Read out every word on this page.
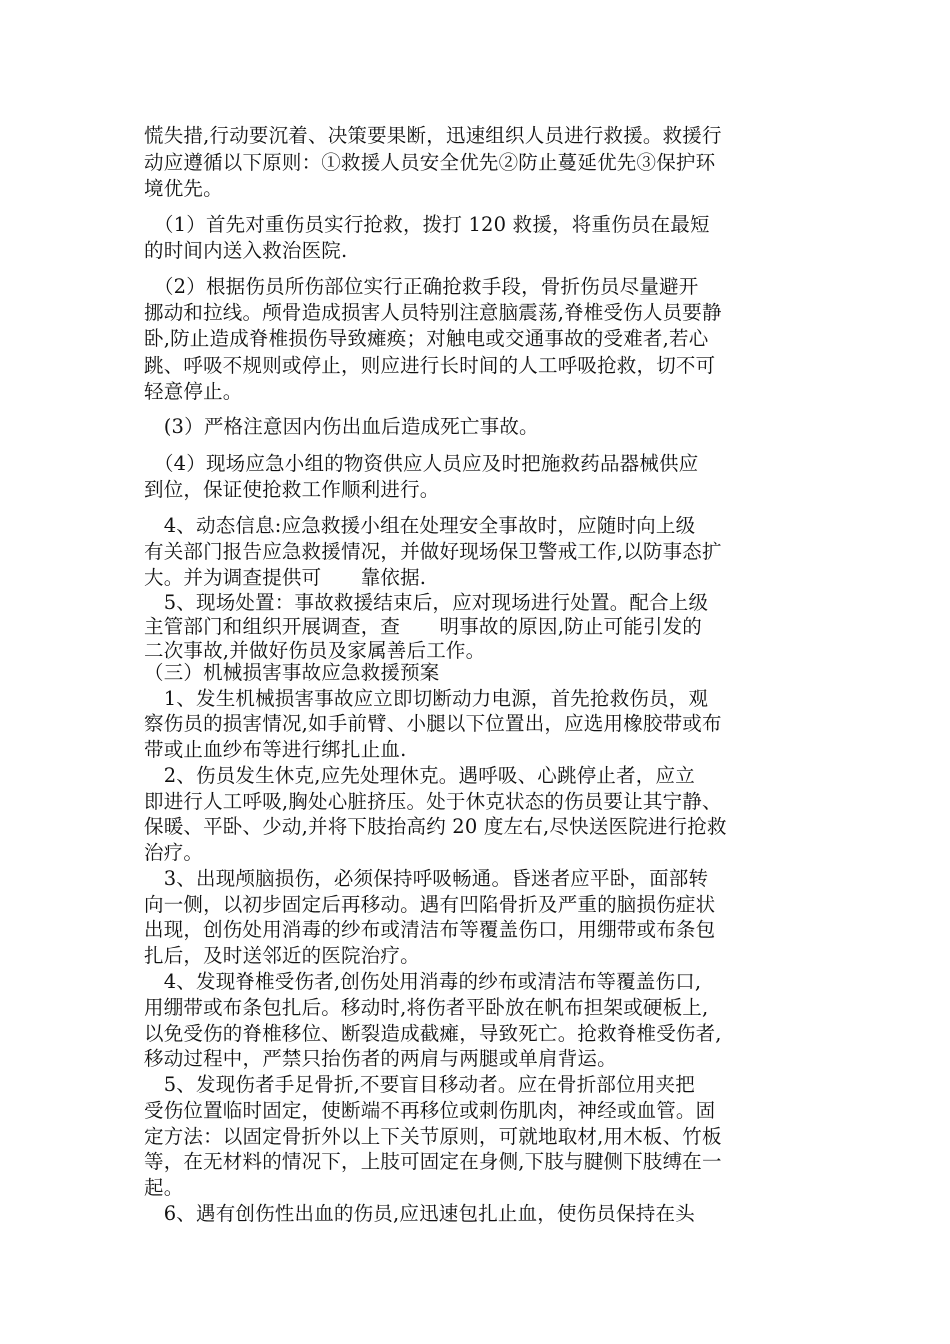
慌失措,行动要沉着、决策要果断，迅速组织人员进行救援。救援行
动应遵循以下原则：①救援人员安全优先②防止蔓延优先③保护环
境优先。
　（1）首先对重伤员实行抢救，拨打 120 救援，将重伤员在最短
的时间内送入救治医院.
　（2）根据伤员所伤部位实行正确抢救手段，骨折伤员尽量避开
挪动和拉线。颅骨造成损害人员特别注意脑震荡,脊椎受伤人员要静
卧,防止造成脊椎损伤导致瘫痪；对触电或交通事故的受难者,若心
跳、呼吸不规则或停止，则应进行长时间的人工呼吸抢救，切不可
轻意停止。
　(3）严格注意因内伤出血后造成死亡事故。
　（4）现场应急小组的物资供应人员应及时把施救药品器械供应
到位，保证使抢救工作顺利进行。
　4、动态信息:应急救援小组在处理安全事故时，应随时向上级
有关部门报告应急救援情况，并做好现场保卫警戒工作,以防事态扩
大。并为调查提供可　　靠依据.
　5、现场处置：事故救援结束后，应对现场进行处置。配合上级
主管部门和组织开展调查，查　　明事故的原因,防止可能引发的
二次事故,并做好伤员及家属善后工作。
（三）机械损害事故应急救援预案
　1、发生机械损害事故应立即切断动力电源，首先抢救伤员，观
察伤员的损害情况,如手前臂、小腿以下位置出，应选用橡胶带或布
带或止血纱布等进行绑扎止血.
　2、伤员发生休克,应先处理休克。遇呼吸、心跳停止者，应立
即进行人工呼吸,胸处心脏挤压。处于休克状态的伤员要让其宁静、
保暖、平卧、少动,并将下肢抬高约 20 度左右,尽快送医院进行抢救
治疗。
　3、出现颅脑损伤，必须保持呼吸畅通。昏迷者应平卧，面部转
向一侧，以初步固定后再移动。遇有凹陷骨折及严重的脑损伤症状
出现，创伤处用消毒的纱布或清洁布等覆盖伤口，用绷带或布条包
扎后，及时送邻近的医院治疗。
　4、发现脊椎受伤者,创伤处用消毒的纱布或清洁布等覆盖伤口,
用绷带或布条包扎后。移动时,将伤者平卧放在帆布担架或硬板上,
以免受伤的脊椎移位、断裂造成截瘫，导致死亡。抢救脊椎受伤者,
移动过程中，严禁只抬伤者的两肩与两腿或单肩背运。
　5、发现伤者手足骨折,不要盲目移动者。应在骨折部位用夹把
受伤位置临时固定，使断端不再移位或刺伤肌肉，神经或血管。固
定方法：以固定骨折外以上下关节原则，可就地取材,用木板、竹板
等，在无材料的情况下，上肢可固定在身侧,下肢与腱侧下肢缚在一
起。
　6、遇有创伤性出血的伤员,应迅速包扎止血，使伤员保持在头
